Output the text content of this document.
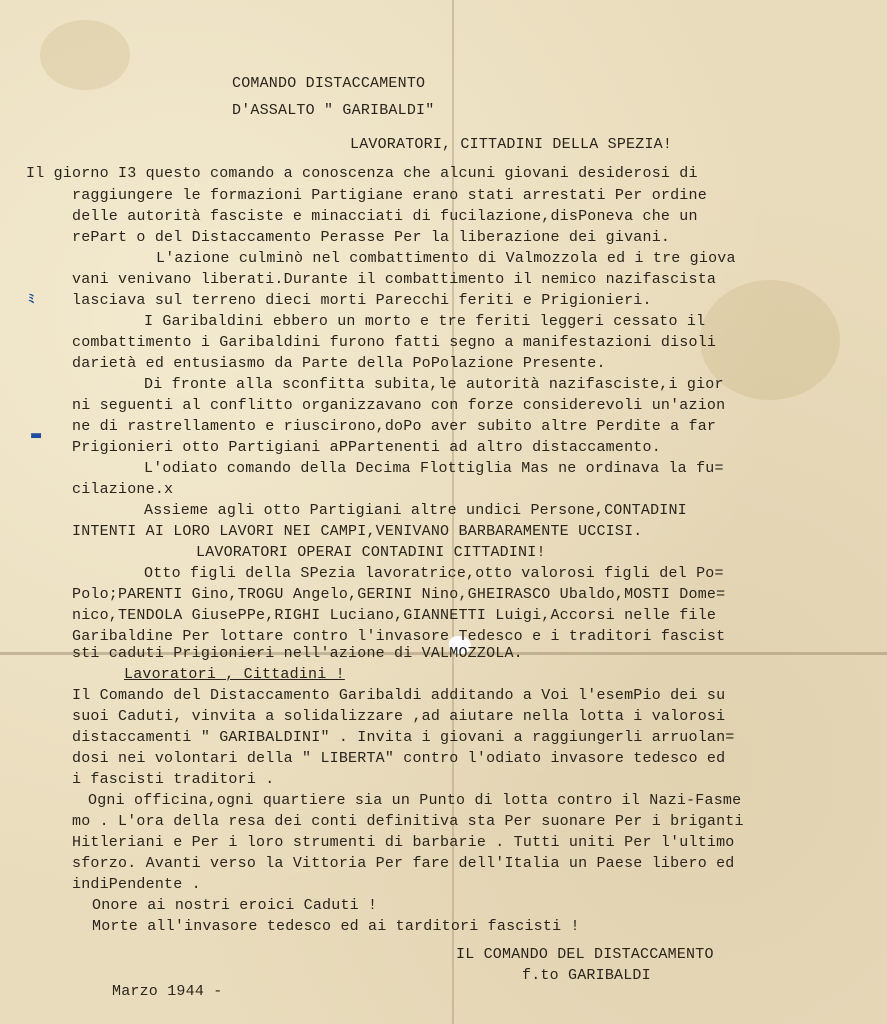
ﾐ
▬
COMANDO DISTACCAMENTO
D'ASSALTO " GARIBALDI"
LAVORATORI, CITTADINI DELLA SPEZIA!
Il giorno I3 questo comando a conoscenza che alcuni giovani desiderosi di
raggiungere le formazioni Partigiane erano stati arrestati Per ordine
delle autorità fasciste e minacciati di fucilazione,disPoneva che un
rePart o del Distaccamento Perasse Per la liberazione dei givani.
L'azione culminò nel combattimento di Valmozzola ed i tre giova
vani venivano liberati.Durante il combattimento il nemico nazifascista
lasciava sul terreno dieci morti Parecchi feriti e Prigionieri.
I Garibaldini ebbero un morto e tre feriti leggeri cessato il
combattimento i Garibaldini furono fatti segno a manifestazioni disoli
darietà ed entusiasmo da Parte della PoPolazione Presente.
Di fronte alla sconfitta subita,le autorità nazifasciste,i gior
ni seguenti al conflitto organizzavano con forze considerevoli un'azion
ne di rastrellamento e riuscirono,doPo aver subito altre Perdite a far
Prigionieri otto Partigiani aPPartenenti ad altro distaccamento.
L'odiato comando della Decima Flottiglia Mas ne ordinava la fu=
cilazione.x
Assieme agli otto Partigiani altre undici Persone,CONTADINI
INTENTI AI LORO LAVORI NEI CAMPI,VENIVANO BARBARAMENTE UCCISI.
LAVORATORI OPERAI CONTADINI CITTADINI!
Otto figli della SPezia lavoratrice,otto valorosi figli del Po=
Polo;PARENTI Gino,TROGU Angelo,GERINI Nino,GHEIRASCO Ubaldo,MOSTI Dome=
nico,TENDOLA GiusePPe,RIGHI Luciano,GIANNETTI Luigi,Accorsi nelle file
Garibaldine Per lottare contro l'invasore Tedesco e i traditori fascist
sti caduti Prigionieri nell'azione di VALMOZZOLA.
Lavoratori , Cittadini !
Il Comando del Distaccamento Garibaldi additando a Voi l'esemPio dei su
suoi Caduti, vinvita a solidalizzare ,ad aiutare nella lotta i valorosi
distaccamenti " GARIBALDINI" . Invita i giovani a raggiungerli arruolan=
dosi nei volontari della " LIBERTA" contro l'odiato invasore tedesco ed
i fascisti traditori .
Ogni officina,ogni quartiere sia un Punto di lotta contro il Nazi-Fasme
mo . L'ora della resa dei conti definitiva sta Per suonare Per i briganti
Hitleriani e Per i loro strumenti di barbarie . Tutti uniti Per l'ultimo
sforzo. Avanti verso la Vittoria Per fare dell'Italia un Paese libero ed
indiPendente .
Onore ai nostri eroici Caduti !
Morte all'invasore tedesco ed ai tarditori fascisti !
IL COMANDO DEL DISTACCAMENTO
f.to GARIBALDI
Marzo 1944 -
